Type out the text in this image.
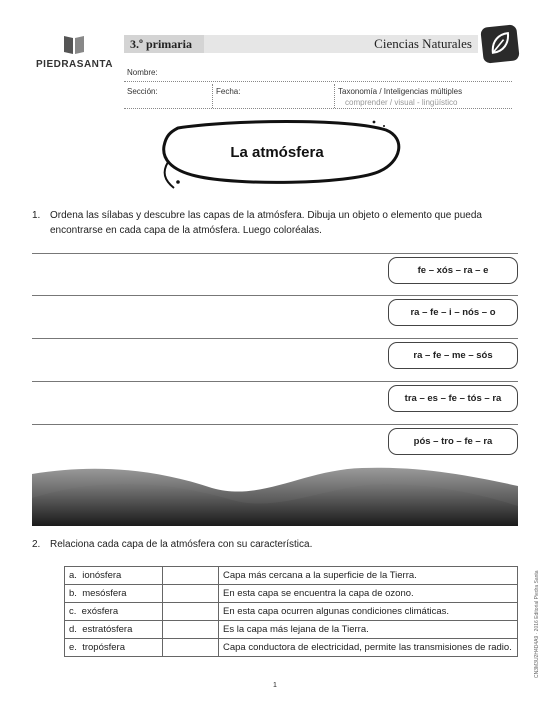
PIEDRASANTA
3.º primaria	Ciencias Naturales
Nombre:
Sección:	Fecha:	Taxonomía / Inteligencias múltiples
comprender / visual - lingüístico
La atmósfera
1. Ordena las sílabas y descubre las capas de la atmósfera. Dibuja un objeto o elemento que pueda encontrarse en cada capa de la atmósfera. Luego coloréalas.
fe – xós – ra – e
ra – fe – i – nós – o
ra – fe – me – sós
tra – es – fe – tós – ra
pós – tro – fe – ra
2. Relaciona cada capa de la atmósfera con su característica.
a. ionósfera		Capa más cercana a la superficie de la Tierra.
b. mesósfera		En esta capa se encuentra la capa de ozono.
c. exósfera		En esta capa ocurren algunas condiciones climáticas.
d. estratósfera		Es la capa más lejana de la Tierra.
e. tropósfera		Capa conductora de electricidad, permite las transmisiones de radio.
1
CN3M3U2H4D4A9 · 2016 Editorial Piedra Santa
